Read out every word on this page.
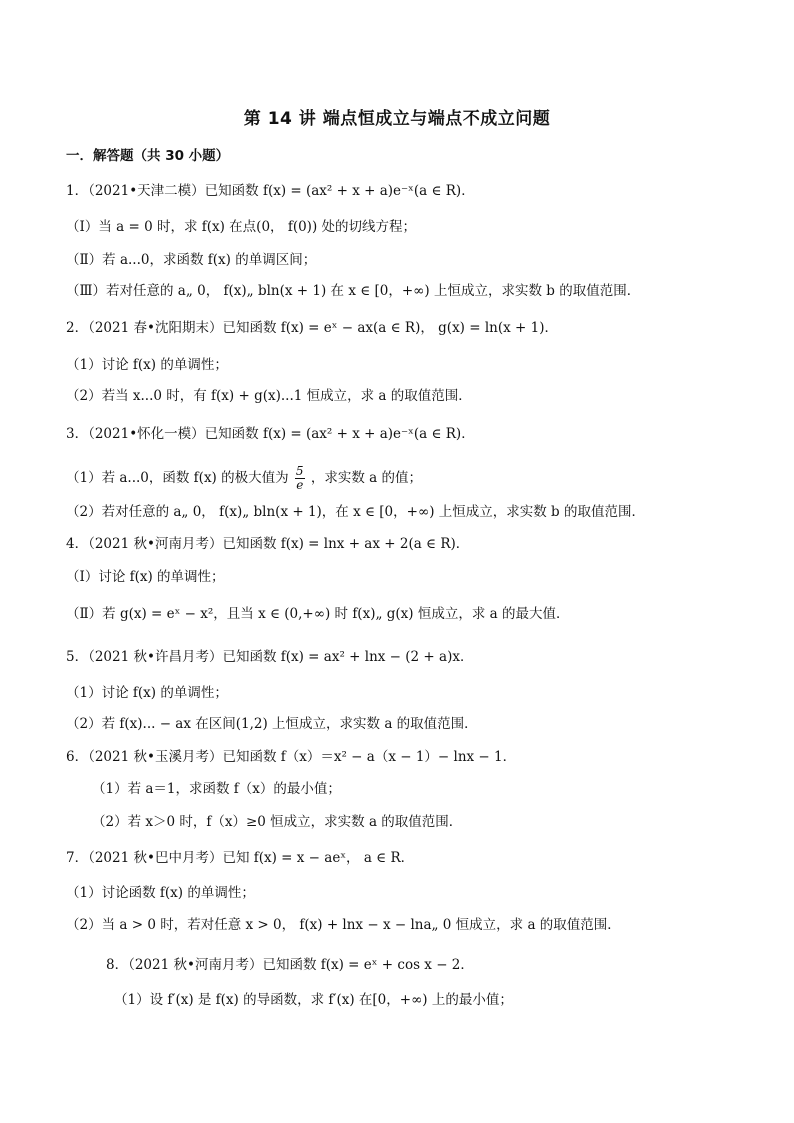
第 14 讲 端点恒成立与端点不成立问题
一．解答题（共 30 小题）
1．（2021•天津二模）已知函数 f(x) = (ax² + x + a)e⁻ˣ(a ∈ R)．
（Ⅰ）当 a = 0 时，求 f(x) 在点(0， f(0)) 处的切线方程；
（Ⅱ）若 a...0，求函数 f(x) 的单调区间；
（Ⅲ）若对任意的 a„ 0， f(x)„ bln(x + 1) 在 x ∈ [0，+∞) 上恒成立，求实数 b 的取值范围．
2．（2021 春•沈阳期末）已知函数 f(x) = eˣ − ax(a ∈ R)， g(x) = ln(x + 1)．
（1）讨论 f(x) 的单调性；
（2）若当 x...0 时，有 f(x) + g(x)...1 恒成立，求 a 的取值范围．
3．（2021•怀化一模）已知函数 f(x) = (ax² + x + a)e⁻ˣ(a ∈ R)．
（1）若 a...0，函数 f(x) 的极大值为 $\frac{5}{e}$ ，求实数 a 的值；
（2）若对任意的 a„ 0， f(x)„ bln(x + 1)，在 x ∈ [0，+∞) 上恒成立，求实数 b 的取值范围．
4．（2021 秋•河南月考）已知函数 f(x) = lnx + ax + 2(a ∈ R)．
（Ⅰ）讨论 f(x) 的单调性；
（Ⅱ）若 g(x) = eˣ − x²，且当 x ∈ (0,+∞) 时 f(x)„ g(x) 恒成立，求 a 的最大值．
5．（2021 秋•许昌月考）已知函数 f(x) = ax² + lnx − (2 + a)x．
（1）讨论 f(x) 的单调性；
（2）若 f(x)... − ax 在区间(1,2) 上恒成立，求实数 a 的取值范围．
6．（2021 秋•玉溪月考）已知函数 f（x）＝x² − a（x − 1）− lnx − 1．
（1）若 a＝1，求函数 f（x）的最小值；
（2）若 x＞0 时，f（x）≥0 恒成立，求实数 a 的取值范围．
7．（2021 秋•巴中月考）已知 f(x) = x − aeˣ， a ∈ R．
（1）讨论函数 f(x) 的单调性；
（2）当 a > 0 时，若对任意 x > 0， f(x) + lnx − x − lna„ 0 恒成立，求 a 的取值范围．
8．（2021 秋•河南月考）已知函数 f(x) = eˣ + cos x − 2．
（1）设 f′(x) 是 f(x) 的导函数，求 f′(x) 在[0，+∞) 上的最小值；
